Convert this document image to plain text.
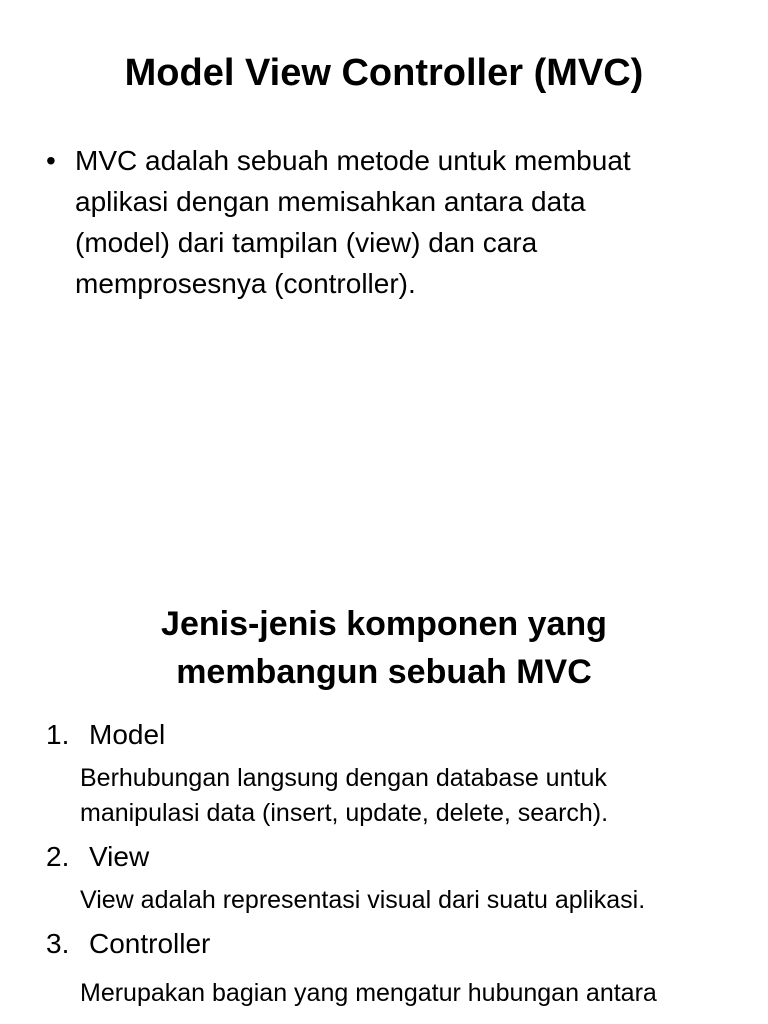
Model View Controller (MVC)
• MVC adalah sebuah metode untuk membuat
aplikasi dengan memisahkan antara data
(model) dari tampilan (view) dan cara
memprosesnya (controller).
Jenis-jenis komponen yang
membangun sebuah MVC
1. Model
Berhubungan langsung dengan database untuk
manipulasi data (insert, update, delete, search).
2. View
View adalah representasi visual dari suatu aplikasi.
3. Controller
Merupakan bagian yang mengatur hubungan antara
